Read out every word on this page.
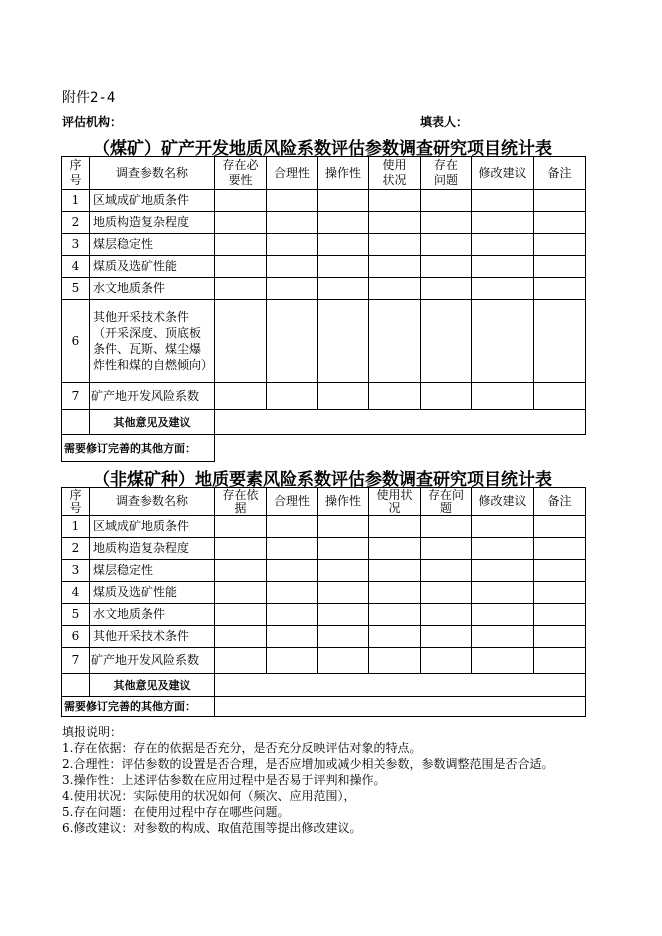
附件2-4
评估机构：	填表人：
（煤矿）矿产开发地质风险系数评估参数调查研究项目统计表
序号	调查参数名称	存在必要性	合理性	操作性	使用状况	存在问题	修改建议	备注
1	区域成矿地质条件							
2	地质构造复杂程度							
3	煤层稳定性							
4	煤质及选矿性能							
5	水文地质条件							
6	其他开采技术条件（开采深度、顶底板条件、瓦斯、煤尘爆炸性和煤的自燃倾向）							
7	矿产地开发风险系数							
	其他意见及建议							
需要修订完善的其他方面：								
（非煤矿种）地质要素风险系数评估参数调查研究项目统计表
序号	调查参数名称	存在依据	合理性	操作性	使用状况	存在问题	修改建议	备注
1	区域成矿地质条件							
2	地质构造复杂程度							
3	煤层稳定性							
4	煤质及选矿性能							
5	水文地质条件							
6	其他开采技术条件							
7	矿产地开发风险系数							
	其他意见及建议							
需要修订完善的其他方面：								
填报说明：
1.存在依据：存在的依据是否充分，是否充分反映评估对象的特点。
2.合理性：评估参数的设置是否合理，是否应增加或减少相关参数，参数调整范围是否合适。
3.操作性：上述评估参数在应用过程中是否易于评判和操作。
4.使用状况：实际使用的状况如何（频次、应用范围），
5.存在问题：在使用过程中存在哪些问题。
6.修改建议：对参数的构成、取值范围等提出修改建议。
